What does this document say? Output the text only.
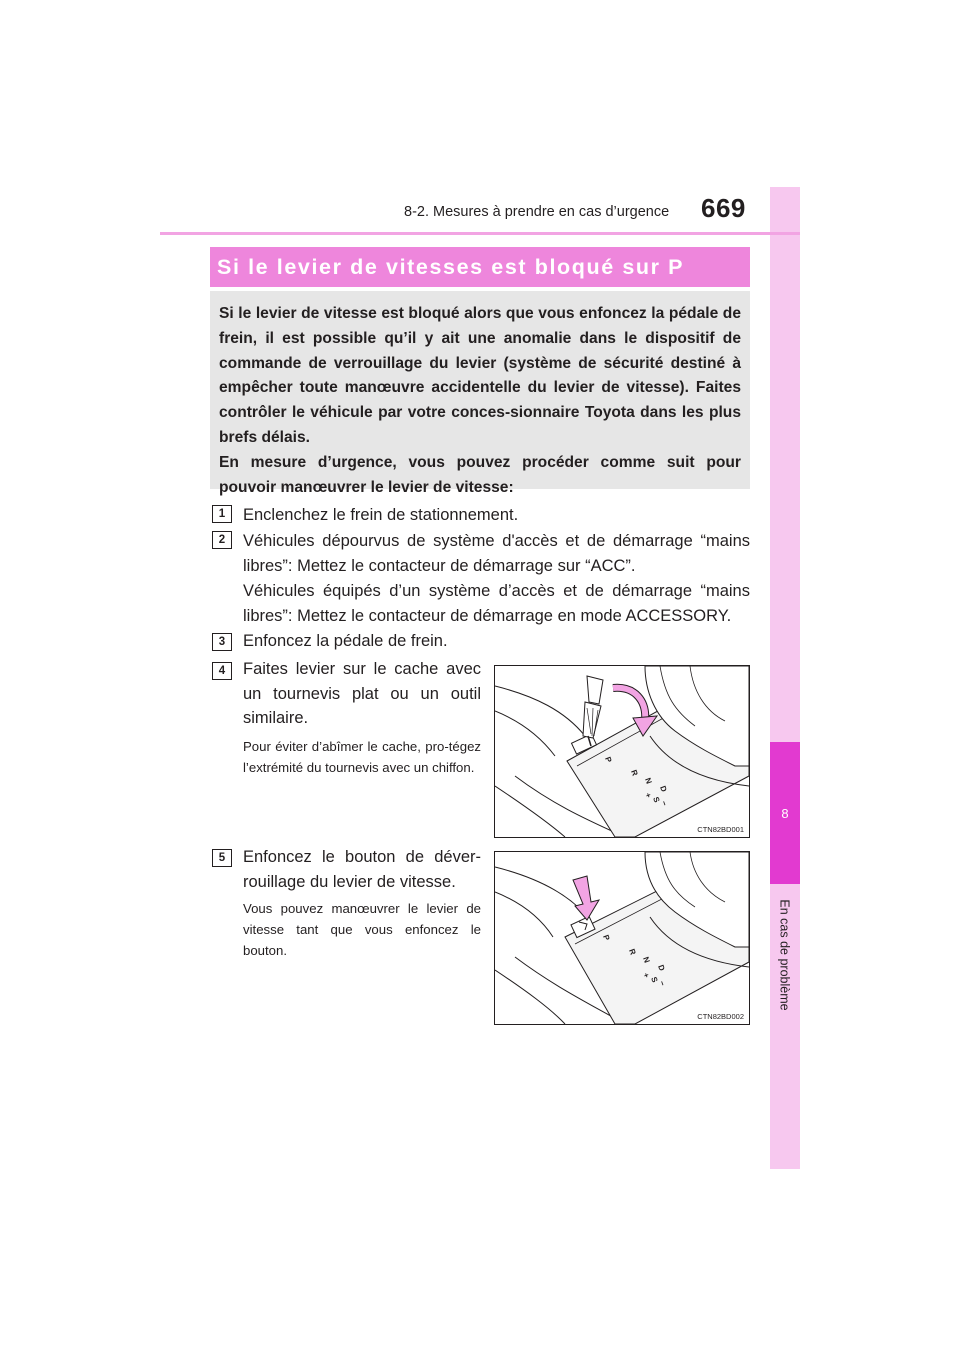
8
En cas de problème
8-2. Mesures à prendre en cas d’urgence 669
Si le levier de vitesses est bloqué sur P

Si le levier de vitesse est bloqué alors que vous enfoncez la pédale de frein, il est possible qu’il y ait une anomalie dans le dispositif de commande de verrouillage du levier (système de sécurité destiné à empêcher toute manœuvre accidentelle du levier de vitesse). Faites contrôler le véhicule par votre conces-sionnaire Toyota dans les plus brefs délais.

En mesure d’urgence, vous pouvez procéder comme suit pour pouvoir manœuvrer le levier de vitesse:

1	Enclenchez le frein de stationnement.
2	Véhicules dépourvus de système d'accès et de démarrage “mains libres”: Mettez le contacteur de démarrage sur “ACC”.
Véhicules équipés d’un système d’accès et de démarrage “mains libres”: Mettez le contacteur de démarrage en mode ACCESSORY.
3	Enfoncez la pédale de frein.
4	Faites levier sur le cache avec un tournevis plat ou un outil similaire.
Pour éviter d’abîmer le cache, pro-tégez l’extrémité du tournevis avec un chiffon.
P
R
N
D
+
S
−
CTN82BD001
5	Enfoncez le bouton de déver-rouillage du levier de vitesse.
Vous pouvez manœuvrer le levier de vitesse tant que vous enfoncez le bouton.
P
R
N
D
+
S
−
CTN82BD002
